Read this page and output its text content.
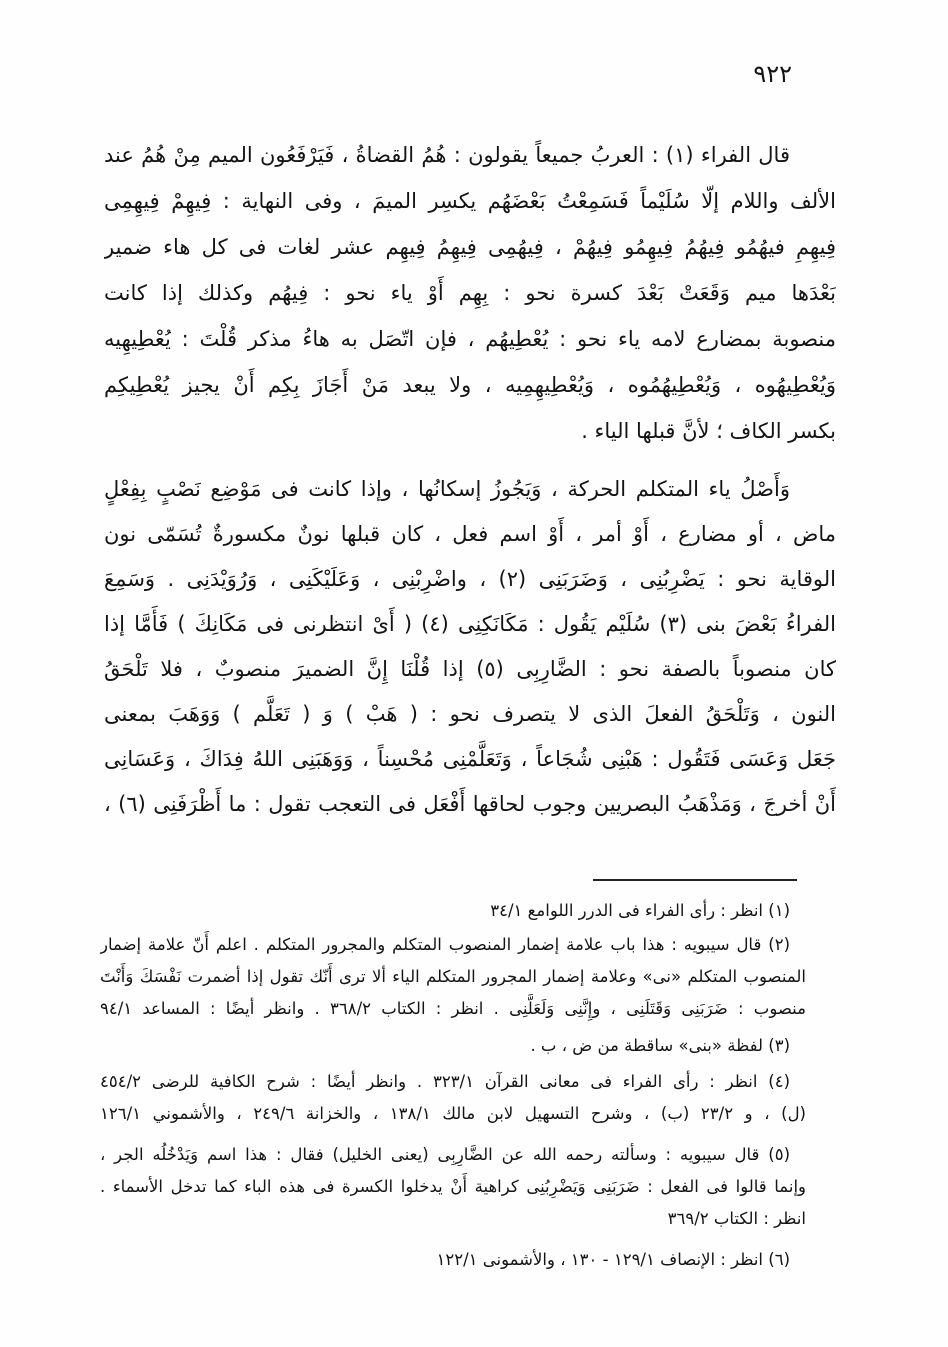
٩٢٢
قال الفراء (١) : العربُ جميعاً يقولون : هُمُ القضاةُ ، فَيَرْفَعُون الميم مِنْ هُمُ عند
الألف واللام إلّا سُلَيْماً فَسَمِعْتُ بَعْضَهُم يكسِر الميمَ ، وفى النهاية : فِيهِمْ فِيهِمِى
فِيهِمِ فيهُمُو فِيهُمُ فِيهِمُو فِيهُمْ ، فِيهُمِى فِيهِمُ فِيهِم عشر لغات فى كل هاء ضمير
بَعْدَها ميم وَقَعَتْ بَعْدَ كسرة نحو : بِهِم أَوْ ياء نحو : فِيهُم وكذلك إذا كانت
منصوبة بمضارع لامه ياء نحو : يُعْطِيهُم ، فإن اتّصَل به هاءُ مذكر قُلْتَ : يُعْطِيهِيه
وَيُعْطِيهُوه ، وَيُعْطِيهُمُوه ، وَيُعْطِيهِمِيه ، ولا يبعد مَنْ أَجَازَ بِكِم أَنْ يجيز يُعْطِيكِم
بكسر الكاف ؛ لأنَّ قبلها الياء .
وَأَصْلُ ياء المتكلم الحركة ، وَيَجُوزُ إسكانُها ، وإذا كانت فى مَوْضِع نَصْبٍ بِفِعْلٍ
ماض ، أو مضارع ، أَوْ أمر ، أَوْ اسم فعل ، كان قبلها نونٌ مكسورةٌ تُسَمّى نون
الوقاية نحو : يَضْرِبُنِى ، وَضَرَبَنِى (٢) ، واضْرِبْنِى ، وَعَلَيْكَنِى ، وَرُوَيْدَنِى . وَسَمِعَ
الفراءُ بَعْضَ بنى (٣) سُلَيْم يَقُول : مَكَانَكِنِى (٤) ( أَىْ انتظرنى فى مَكَانِكَ ) فَأَمَّا إذا
كان منصوباً بالصفة نحو : الضَّارِبِى (٥) إذا قُلْنَا إِنَّ الضميرَ منصوبٌ ، فلا تَلْحَقُ
النون ، وَتَلْحَقُ الفعلَ الذى لا يتصرف نحو : ( هَبْ ) وَ ( تَعَلَّم ) وَوَهَبَ بمعنى
جَعَل وَعَسَى فَتَقُول : هَبْنِى شُجَاعاً ، وَتَعَلَّمْنِى مُحْسِناً ، وَوَهَبَنِى اللهُ فِدَاكَ ، وَعَسَانِى
أَنْ أخرجَ ، وَمَذْهَبُ البصريين وجوب لحاقها أَفْعَل فى التعجب تقول : ما أَظْرَفَنِى (٦) ،
(١) انظر : رأى الفراء فى الدرر اللوامع ٣٤/١
(٢) قال سيبويه : هذا باب علامة إضمار المنصوب المتكلم والمجرور المتكلم . اعلم أَنّ علامة إضمار
المنصوب المتكلم «نى» وعلامة إضمار المجرور المتكلم الياء ألا ترى أَنّك تقول إذا أضمرت نَفْسَكَ وَأَنْتَ
منصوب : ضَرَبَنِى وَقَتَلَنِى ، وإِنَّنِى وَلَعَلَّنِى . انظر : الكتاب ٣٦٨/٢ . وانظر أيضًا : المساعد ٩٤/١
(٣) لفظة «بنى» ساقطة من ض ، ب .
(٤) انظر : رأى الفراء فى معانى القرآن ٣٢٣/١ . وانظر أيضًا : شرح الكافية للرضى ٤٥٤/٢
(ل) ، و ٢٣/٢ (ب) ، وشرح التسهيل لابن مالك ١٣٨/١ ، والخزانة ٢٤٩/٦ ، والأشموني ١٢٦/١
(٥) قال سيبويه : وسألته رحمه الله عن الضَّارِبِى (يعنى الخليل) فقال : هذا اسم وَيَدْخُلُه الجر ،
وإنما قالوا فى الفعل : ضَرَبَنِى وَيَضْرِبُنِى كراهية أَنْ يدخلوا الكسرة فى هذه الباء كما تدخل الأسماء .
انظر : الكتاب ٣٦٩/٢
(٦) انظر : الإنصاف ١٢٩/١ - ١٣٠ ، والأشمونى ١٢٢/١
